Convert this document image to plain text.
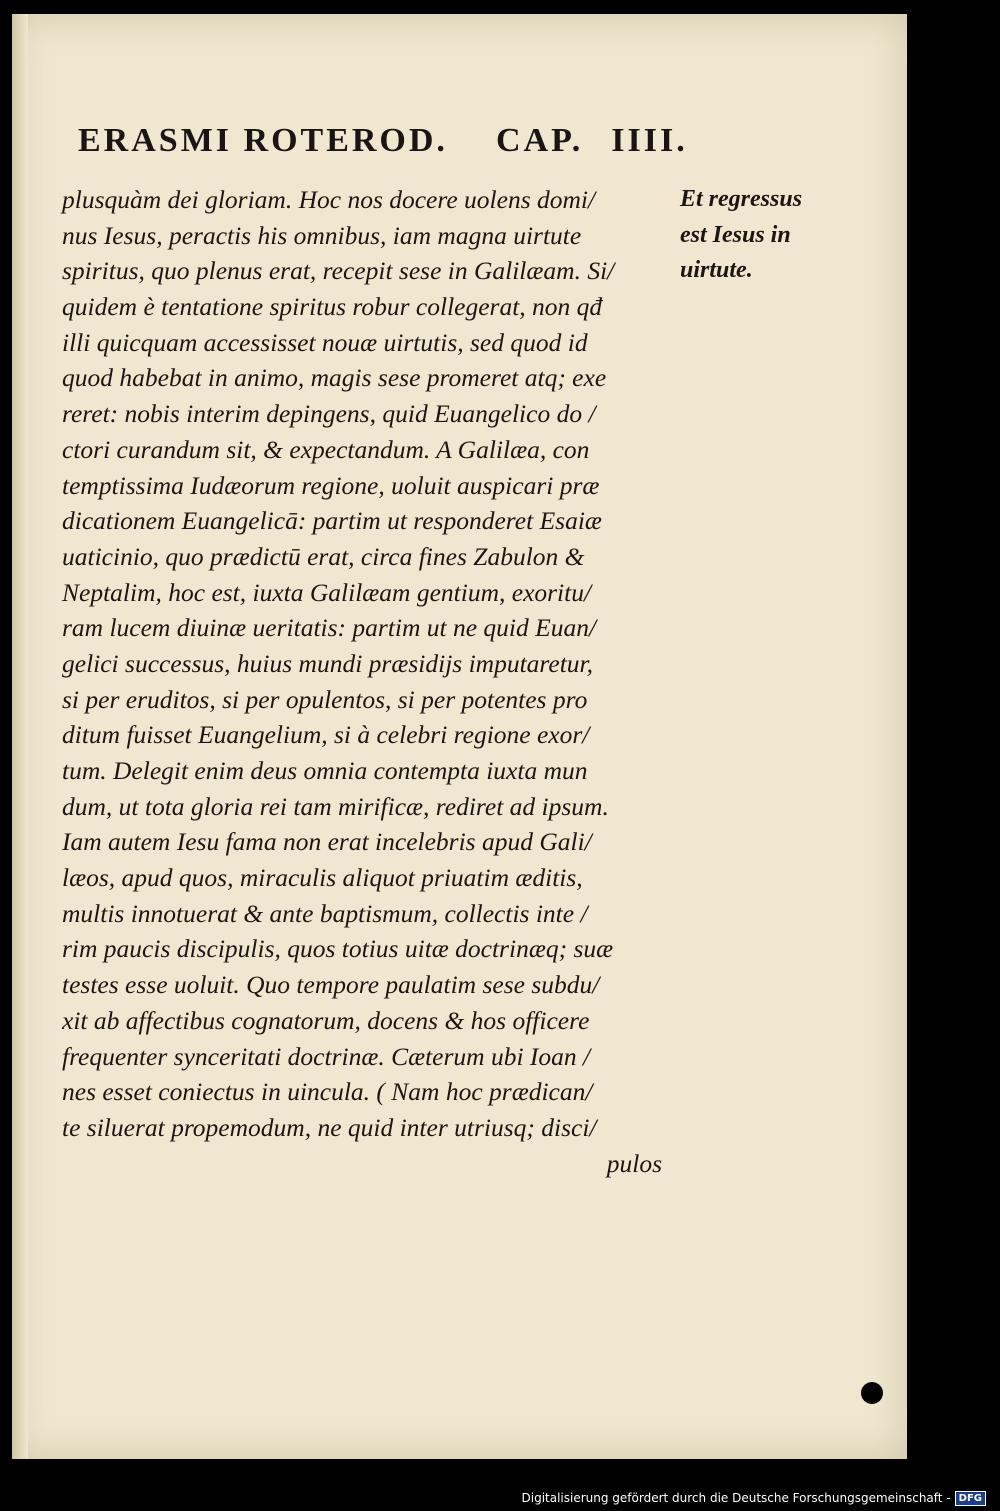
ERASMI ROTEROD. CAP. IIII.
plusquàm dei gloriam. Hoc nos docere uolens domi/
nus Iesus, peractis his omnibus, iam magna uirtute
spiritus, quo plenus erat, recepit sese in Galilæam. Si/
quidem è tentatione spiritus robur collegerat, non qđ
illi quicquam accessisset nouæ uirtutis, sed quod id
quod habebat in animo, magis sese promeret atq; exe
reret: nobis interim depingens, quid Euangelico do /
ctori curandum sit, & expectandum. A Galilæa, con
temptissima Iudæorum regione, uoluit auspicari præ
dicationem Euangelicā: partim ut responderet Esaiæ
uaticinio, quo prædictū erat, circa fines Zabulon &
Neptalim, hoc est, iuxta Galilæam gentium, exoritu/
ram lucem diuinæ ueritatis: partim ut ne quid Euan/
gelici successus, huius mundi præsidijs imputaretur,
si per eruditos, si per opulentos, si per potentes pro
ditum fuisset Euangelium, si à celebri regione exor/
tum. Delegit enim deus omnia contempta iuxta mun
dum, ut tota gloria rei tam mirificæ, rediret ad ipsum.
Iam autem Iesu fama non erat incelebris apud Gali/
læos, apud quos, miraculis aliquot priuatim æditis,
multis innotuerat & ante baptismum, collectis inte /
rim paucis discipulis, quos totius uitæ doctrinæq; suæ
testes esse uoluit. Quo tempore paulatim sese subdu/
xit ab affectibus cognatorum, docens & hos officere
frequenter synceritati doctrinæ. Cæterum ubi Ioan /
nes esset coniectus in uincula. ( Nam hoc prædican/
te siluerat propemodum, ne quid inter utriusq; disci/
pulos
Et regressus
est Iesus in
uirtute.
Digitalisierung gefördert durch die Deutsche Forschungsgemeinschaft - DFG
